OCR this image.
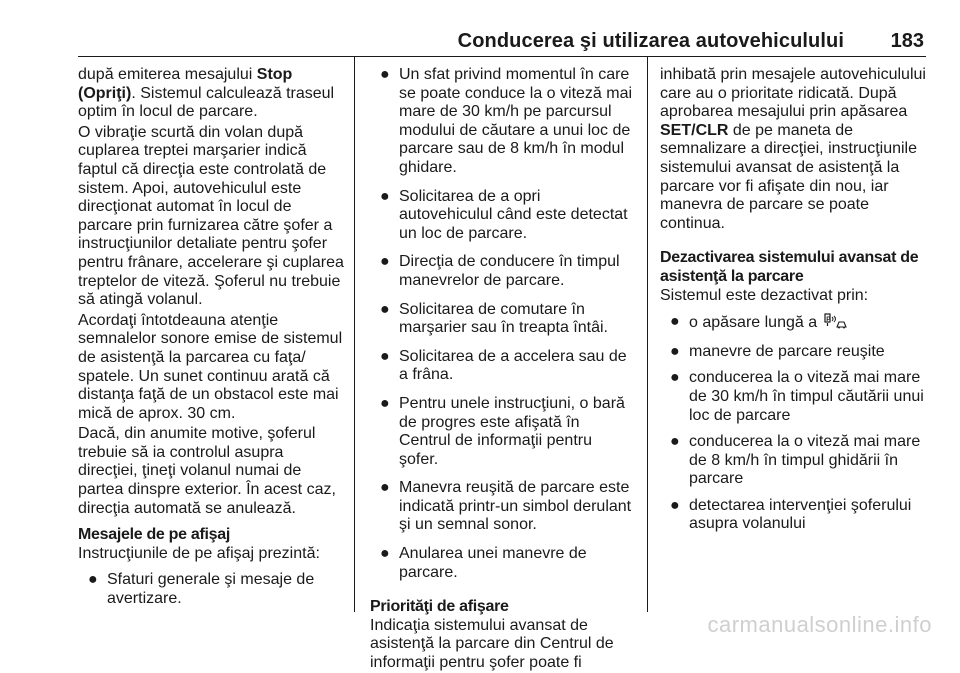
Conducerea şi utilizarea autovehiculului 183

după emiterea mesajului Stop (Opriţi). Sistemul calculează traseul optim în locul de parcare.

O vibraţie scurtă din volan după cuplarea treptei marşarier indică faptul că direcţia este controlată de sistem. Apoi, autovehiculul este direcţionat automat în locul de parcare prin furnizarea către şofer a instrucţiunilor detaliate pentru şofer pentru frânare, accelerare şi cuplarea treptelor de viteză. Şoferul nu trebuie să atingă volanul.

Acordaţi întotdeauna atenţie semnalelor sonore emise de sistemul de asistenţă la parcarea cu faţa/ spatele. Un sunet continuu arată că distanţa faţă de un obstacol este mai mică de aprox. 30 cm.

Dacă, din anumite motive, şoferul trebuie să ia controlul asupra direcţiei, ţineţi volanul numai de partea dinspre exterior. În acest caz, direcţia automată se anulează.

Mesajele de pe afişaj

Instrucţiunile de pe afişaj prezintă:

● Sfaturi generale şi mesaje de avertizare.
● Un sfat privind momentul în care se poate conduce la o viteză mai mare de 30 km/h pe parcursul modului de căutare a unui loc de parcare sau de 8 km/h în modul ghidare.
● Solicitarea de a opri autovehiculul când este detectat un loc de parcare.
● Direcţia de conducere în timpul manevrelor de parcare.
● Solicitarea de comutare în marşarier sau în treapta întâi.
● Solicitarea de a accelera sau de a frâna.
● Pentru unele instrucţiuni, o bară de progres este afişată în Centrul de informaţii pentru şofer.
● Manevra reuşită de parcare este indicată printr-un simbol derulant şi un semnal sonor.
● Anularea unei manevre de parcare.

Priorităţi de afişare

Indicaţia sistemului avansat de asistenţă la parcare din Centrul de informaţii pentru şofer poate fi

inhibată prin mesajele autovehiculului care au o prioritate ridicată. După aprobarea mesajului prin apăsarea SET/CLR de pe maneta de semnalizare a direcţiei, instrucţiunile sistemului avansat de asistenţă la parcare vor fi afişate din nou, iar manevra de parcare se poate continua.

Dezactivarea sistemului avansat de asistenţă la parcare

Sistemul este dezactivat prin:

● o apăsare lungă a P
● manevre de parcare reuşite
● conducerea la o viteză mai mare de 30 km/h în timpul căutării unui loc de parcare
● conducerea la o viteză mai mare de 8 km/h în timpul ghidării în parcare
● detectarea intervenţiei şoferului asupra volanului
carmanualsonline.info
